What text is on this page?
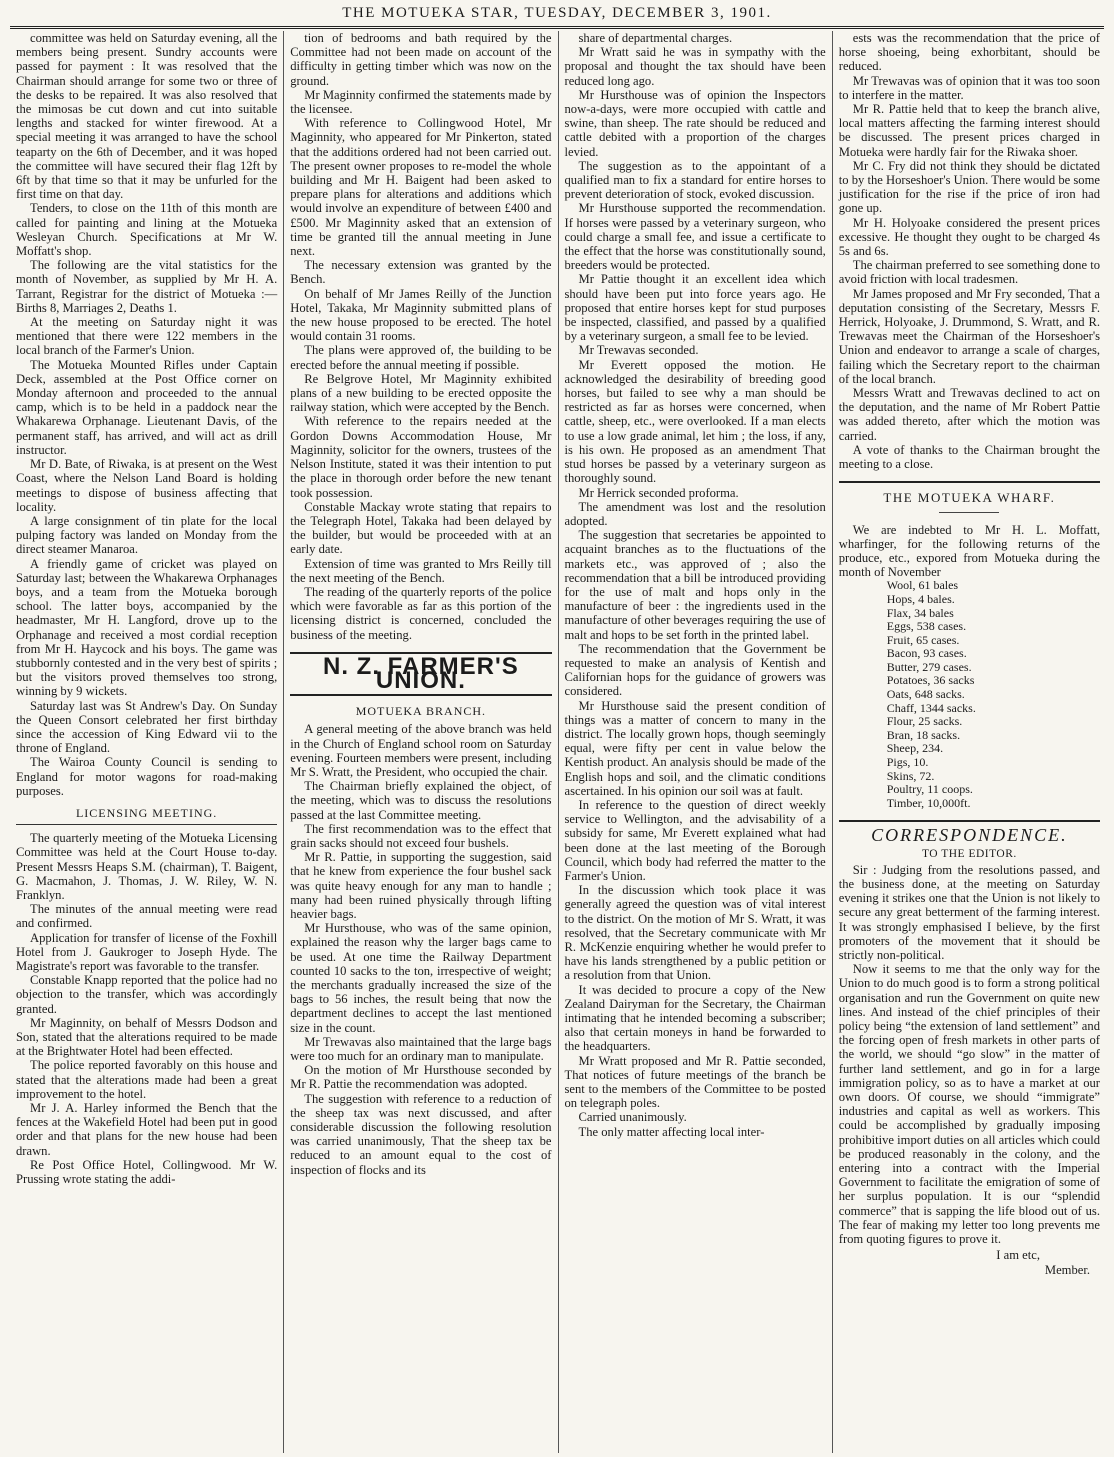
THE MOTUEKA STAR, TUESDAY, DECEMBER 3, 1901.

committee was held on Saturday evening, all the members being present. Sundry accounts were passed for payment : It was resolved that the Chairman should arrange for some two or three of the desks to be repaired. It was also resolved that the mimosas be cut down and cut into suitable lengths and stacked for winter firewood. At a special meeting it was arranged to have the school teaparty on the 6th of December, and it was hoped the committee will have secured their flag 12ft by 6ft by that time so that it may be unfurled for the first time on that day.

Tenders, to close on the 11th of this month are called for painting and lining at the Motueka Wesleyan Church. Specifications at Mr W. Moffatt's shop.

The following are the vital statistics for the month of November, as supplied by Mr H. A. Tarrant, Registrar for the district of Motueka :—Births 8, Marriages 2, Deaths 1.

At the meeting on Saturday night it was mentioned that there were 122 members in the local branch of the Farmer's Union.

The Motueka Mounted Rifles under Captain Deck, assembled at the Post Office corner on Monday afternoon and proceeded to the annual camp, which is to be held in a paddock near the Whakarewa Orphanage. Lieutenant Davis, of the permanent staff, has arrived, and will act as drill instructor.

Mr D. Bate, of Riwaka, is at present on the West Coast, where the Nelson Land Board is holding meetings to dispose of business affecting that locality.

A large consignment of tin plate for the local pulping factory was landed on Monday from the direct steamer Manaroa.

A friendly game of cricket was played on Saturday last; between the Whakarewa Orphanages boys, and a team from the Motueka borough school. The latter boys, accompanied by the headmaster, Mr H. Langford, drove up to the Orphanage and received a most cordial reception from Mr H. Haycock and his boys. The game was stubbornly contested and in the very best of spirits ; but the visitors proved themselves too strong, winning by 9 wickets.

Saturday last was St Andrew's Day. On Sunday the Queen Consort celebrated her first birthday since the accession of King Edward vii to the throne of England.

The Wairoa County Council is sending to England for motor wagons for road-making purposes.

LICENSING MEETING.

The quarterly meeting of the Motueka Licensing Committee was held at the Court House to-day. Present Messrs Heaps S.M. (chairman), T. Baigent, G. Macmahon, J. Thomas, J. W. Riley, W. N. Franklyn.

The minutes of the annual meeting were read and confirmed.

Application for transfer of license of the Foxhill Hotel from J. Gaukroger to Joseph Hyde. The Magistrate's report was favorable to the transfer.

Constable Knapp reported that the police had no objection to the transfer, which was accordingly granted.

Mr Maginnity, on behalf of Messrs Dodson and Son, stated that the alterations required to be made at the Brightwater Hotel had been effected.

The police reported favorably on this house and stated that the alterations made had been a great improvement to the hotel.

Mr J. A. Harley informed the Bench that the fences at the Wakefield Hotel had been put in good order and that plans for the new house had been drawn.

Re Post Office Hotel, Collingwood. Mr W. Prussing wrote stating the addi-

tion of bedrooms and bath required by the Committee had not been made on account of the difficulty in getting timber which was now on the ground.

Mr Maginnity confirmed the statements made by the licensee.

With reference to Collingwood Hotel, Mr Maginnity, who appeared for Mr Pinkerton, stated that the additions ordered had not been carried out. The present owner proposes to re-model the whole building and Mr H. Baigent had been asked to prepare plans for alterations and additions which would involve an expenditure of between £400 and £500. Mr Maginnity asked that an extension of time be granted till the annual meeting in June next.

The necessary extension was granted by the Bench.

On behalf of Mr James Reilly of the Junction Hotel, Takaka, Mr Maginnity submitted plans of the new house proposed to be erected. The hotel would contain 31 rooms.

The plans were approved of, the building to be erected before the annual meeting if possible.

Re Belgrove Hotel, Mr Maginnity exhibited plans of a new building to be erected opposite the railway station, which were accepted by the Bench.

With reference to the repairs needed at the Gordon Downs Accommodation House, Mr Maginnity, solicitor for the owners, trustees of the Nelson Institute, stated it was their intention to put the place in thorough order before the new tenant took possession.

Constable Mackay wrote stating that repairs to the Telegraph Hotel, Takaka had been delayed by the builder, but would be proceeded with at an early date.

Extension of time was granted to Mrs Reilly till the next meeting of the Bench.

The reading of the quarterly reports of the police which were favorable as far as this portion of the licensing district is concerned, concluded the business of the meeting.

N. Z. FARMER'S UNION.
MOTUEKA BRANCH.

A general meeting of the above branch was held in the Church of England school room on Saturday evening. Fourteen members were present, including Mr S. Wratt, the President, who occupied the chair.

The Chairman briefly explained the object, of the meeting, which was to discuss the resolutions passed at the last Committee meeting.

The first recommendation was to the effect that grain sacks should not exceed four bushels.

Mr R. Pattie, in supporting the suggestion, said that he knew from experience the four bushel sack was quite heavy enough for any man to handle ; many had been ruined physically through lifting heavier bags.

Mr Hursthouse, who was of the same opinion, explained the reason why the larger bags came to be used. At one time the Railway Department counted 10 sacks to the ton, irrespective of weight; the merchants gradually increased the size of the bags to 56 inches, the result being that now the department declines to accept the last mentioned size in the count.

Mr Trewavas also maintained that the large bags were too much for an ordinary man to manipulate.

On the motion of Mr Hursthouse seconded by Mr R. Pattie the recommendation was adopted.

The suggestion with reference to a reduction of the sheep tax was next discussed, and after considerable discussion the following resolution was carried unanimously, That the sheep tax be reduced to an amount equal to the cost of inspection of flocks and its

share of departmental charges.

Mr Wratt said he was in sympathy with the proposal and thought the tax should have been reduced long ago.

Mr Hursthouse was of opinion the Inspectors now-a-days, were more occupied with cattle and swine, than sheep. The rate should be reduced and cattle debited with a proportion of the charges levied.

The suggestion as to the appointant of a qualified man to fix a standard for entire horses to prevent deterioration of stock, evoked discussion.

Mr Hursthouse supported the recommendation. If horses were passed by a veterinary surgeon, who could charge a small fee, and issue a certificate to the effect that the horse was constitutionally sound, breeders would be protected.

Mr Pattie thought it an excellent idea which should have been put into force years ago. He proposed that entire horses kept for stud purposes be inspected, classified, and passed by a qualified by a veterinary surgeon, a small fee to be levied.

Mr Trewavas seconded.

Mr Everett opposed the motion. He acknowledged the desirability of breeding good horses, but failed to see why a man should be restricted as far as horses were concerned, when cattle, sheep, etc., were overlooked. If a man elects to use a low grade animal, let him ; the loss, if any, is his own. He proposed as an amendment That stud horses be passed by a veterinary surgeon as thoroughly sound.

Mr Herrick seconded proforma.

The amendment was lost and the resolution adopted.

The suggestion that secretaries be appointed to acquaint branches as to the fluctuations of the markets etc., was approved of ; also the recommendation that a bill be introduced providing for the use of malt and hops only in the manufacture of beer : the ingredients used in the manufacture of other beverages requiring the use of malt and hops to be set forth in the printed label.

The recommendation that the Government be requested to make an analysis of Kentish and Californian hops for the guidance of growers was considered.

Mr Hursthouse said the present condition of things was a matter of concern to many in the district. The locally grown hops, though seemingly equal, were fifty per cent in value below the Kentish product. An analysis should be made of the English hops and soil, and the climatic conditions ascertained. In his opinion our soil was at fault.

In reference to the question of direct weekly service to Wellington, and the advisability of a subsidy for same, Mr Everett explained what had been done at the last meeting of the Borough Council, which body had referred the matter to the Farmer's Union.

In the discussion which took place it was generally agreed the question was of vital interest to the district. On the motion of Mr S. Wratt, it was resolved, that the Secretary communicate with Mr R. McKenzie enquiring whether he would prefer to have his lands strengthened by a public petition or a resolution from that Union.

It was decided to procure a copy of the New Zealand Dairyman for the Secretary, the Chairman intimating that he intended becoming a subscriber; also that certain moneys in hand be forwarded to the headquarters.

Mr Wratt proposed and Mr R. Pattie seconded, That notices of future meetings of the branch be sent to the members of the Committee to be posted on telegraph poles.

Carried unanimously.

The only matter affecting local inter-

ests was the recommendation that the price of horse shoeing, being exhorbitant, should be reduced.

Mr Trewavas was of opinion that it was too soon to interfere in the matter.

Mr R. Pattie held that to keep the branch alive, local matters affecting the farming interest should be discussed. The present prices charged in Motueka were hardly fair for the Riwaka shoer.

Mr C. Fry did not think they should be dictated to by the Horseshoer's Union. There would be some justification for the rise if the price of iron had gone up.

Mr H. Holyoake considered the present prices excessive. He thought they ought to be charged 4s 5s and 6s.

The chairman preferred to see something done to avoid friction with local tradesmen.

Mr James proposed and Mr Fry seconded, That a deputation consisting of the Secretary, Messrs F. Herrick, Holyoake, J. Drummond, S. Wratt, and R. Trewavas meet the Chairman of the Horseshoer's Union and endeavor to arrange a scale of charges, failing which the Secretary report to the chairman of the local branch.

Messrs Wratt and Trewavas declined to act on the deputation, and the name of Mr Robert Pattie was added thereto, after which the motion was carried.

A vote of thanks to the Chairman brought the meeting to a close.

THE MOTUEKA WHARF.

We are indebted to Mr H. L. Moffatt, wharfinger, for the following returns of the produce, etc., expored from Motueka during the month of November

Wool, 61 bales
Hops, 4 bales.
Flax, 34 bales
Eggs, 538 cases.
Fruit, 65 cases.
Bacon, 93 cases.
Butter, 279 cases.
Potatoes, 36 sacks
Oats, 648 sacks.
Chaff, 1344 sacks.
Flour, 25 sacks.
Bran, 18 sacks.
Sheep, 234.
Pigs, 10.
Skins, 72.
Poultry, 11 coops.
Timber, 10,000ft.
CORRESPONDENCE.
TO THE EDITOR.

Sir : Judging from the resolutions passed, and the business done, at the meeting on Saturday evening it strikes one that the Union is not likely to secure any great betterment of the farming interest. It was strongly emphasised I believe, by the first promoters of the movement that it should be strictly non-political.

Now it seems to me that the only way for the Union to do much good is to form a strong political organisation and run the Government on quite new lines. And instead of the chief principles of their policy being “the extension of land settlement” and the forcing open of fresh markets in other parts of the world, we should “go slow” in the matter of further land settlement, and go in for a large immigration policy, so as to have a market at our own doors. Of course, we should “immigrate” industries and capital as well as workers. This could be accomplished by gradually imposing prohibitive import duties on all articles which could be produced reasonably in the colony, and the entering into a contract with the Imperial Government to facilitate the emigration of some of her surplus population. It is our “splendid commerce” that is sapping the life blood out of us. The fear of making my letter too long prevents me from quoting figures to prove it.

I am etc,
Member.
